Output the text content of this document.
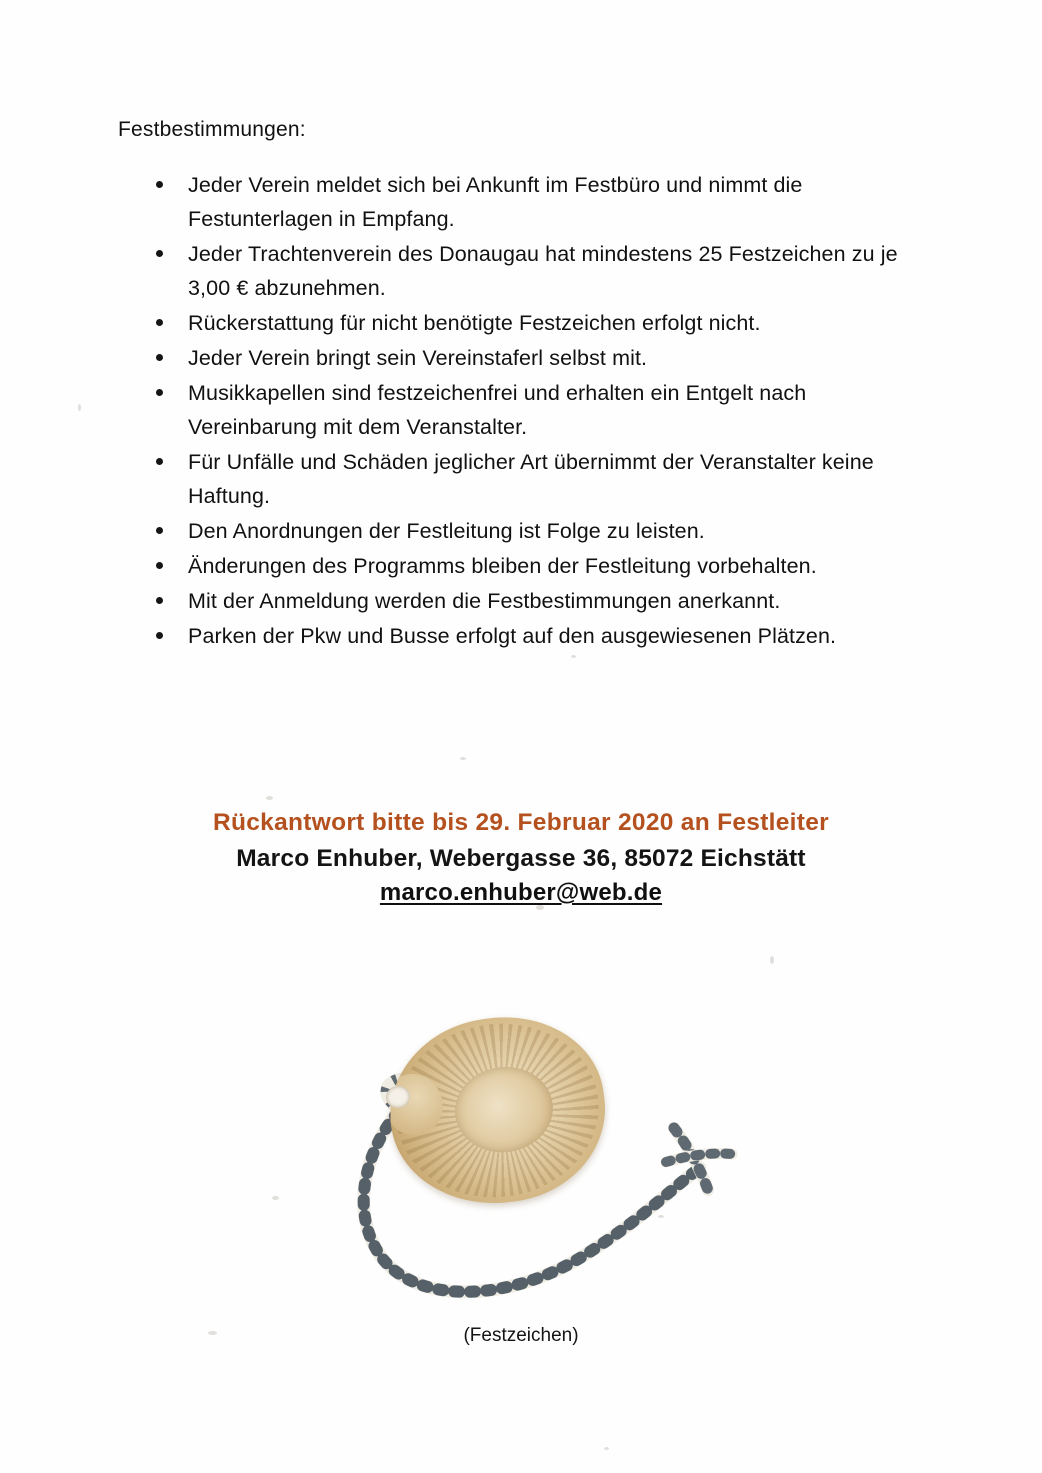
Festbestimmungen:
Jeder Verein meldet sich bei Ankunft im Festbüro und nimmt die Festunterlagen in Empfang.
Jeder Trachtenverein des Donaugau hat mindestens 25 Festzeichen zu je 3,00 € abzunehmen.
Rückerstattung für nicht benötigte Festzeichen erfolgt nicht.
Jeder Verein bringt sein Vereinstaferl selbst mit.
Musikkapellen sind festzeichenfrei und erhalten ein Entgelt nach Vereinbarung mit dem Veranstalter.
Für Unfälle und Schäden jeglicher Art übernimmt der Veranstalter keine Haftung.
Den Anordnungen der Festleitung ist Folge zu leisten.
Änderungen des Programms bleiben der Festleitung vorbehalten.
Mit der Anmeldung werden die Festbestimmungen anerkannt.
Parken der Pkw und Busse erfolgt auf den ausgewiesenen Plätzen.
Rückantwort bitte bis 29. Februar 2020 an Festleiter
Marco Enhuber, Webergasse 36, 85072 Eichstätt
marco.enhuber@web.de
(Festzeichen)
